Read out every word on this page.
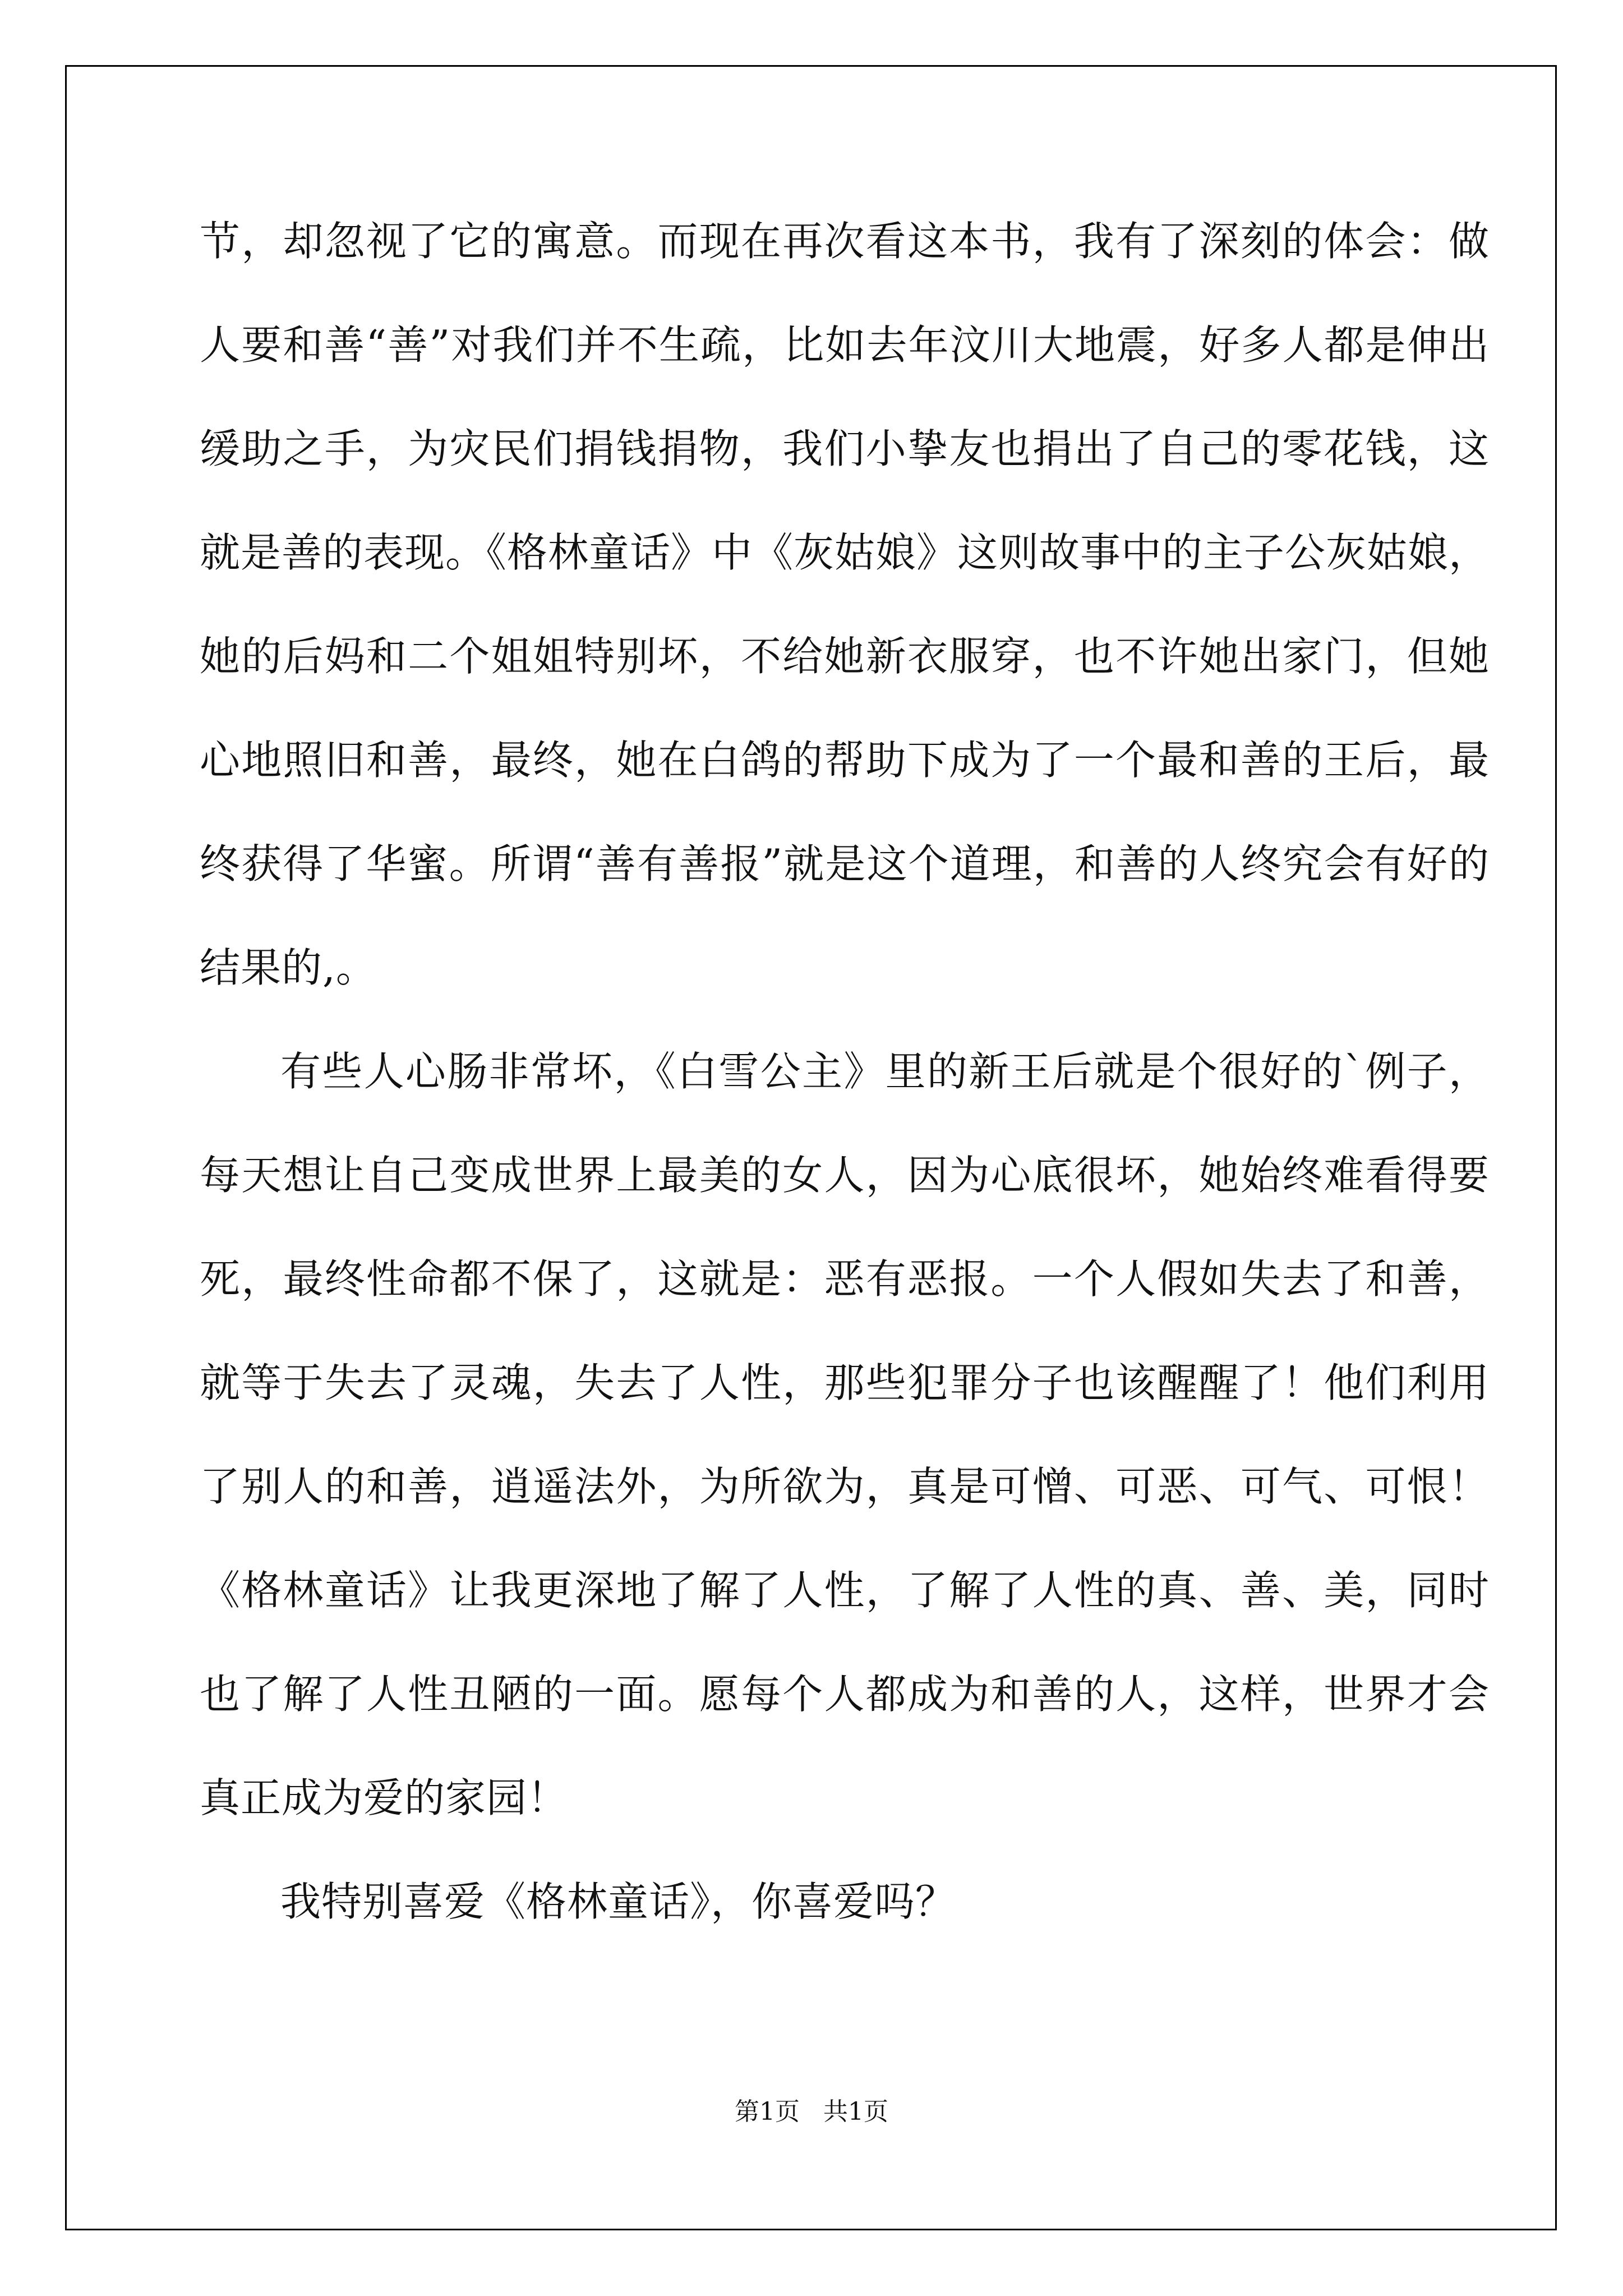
节，却忽视了它的寓意。而现在再次看这本书，我有了深刻的体会：做人要和善“善”对我们并不生疏，比如去年汶川大地震，好多人都是伸出缓助之手，为灾民们捐钱捐物，我们小挚友也捐出了自己的零花钱，这就是善的表现。《格林童话》中《灰姑娘》这则故事中的主子公灰姑娘，她的后妈和二个姐姐特别坏，不给她新衣服穿，也不许她出家门，但她心地照旧和善，最终，她在白鸽的帮助下成为了一个最和善的王后，最终获得了华蜜。所谓“善有善报”就是这个道理，和善的人终究会有好的结果的,。

有些人心肠非常坏，《白雪公主》里的新王后就是个很好的`例子，每天想让自己变成世界上最美的女人，因为心底很坏，她始终难看得要死，最终性命都不保了，这就是：恶有恶报。一个人假如失去了和善，就等于失去了灵魂，失去了人性，那些犯罪分子也该醒醒了！他们利用了别人的和善，逍遥法外，为所欲为，真是可憎、可恶、可气、可恨！《格林童话》让我更深地了解了人性，了解了人性的真、善、美，同时也了解了人性丑陋的一面。愿每个人都成为和善的人，这样，世界才会真正成为爱的家园！

我特别喜爱《格林童话》，你喜爱吗？

第1页   共1页
